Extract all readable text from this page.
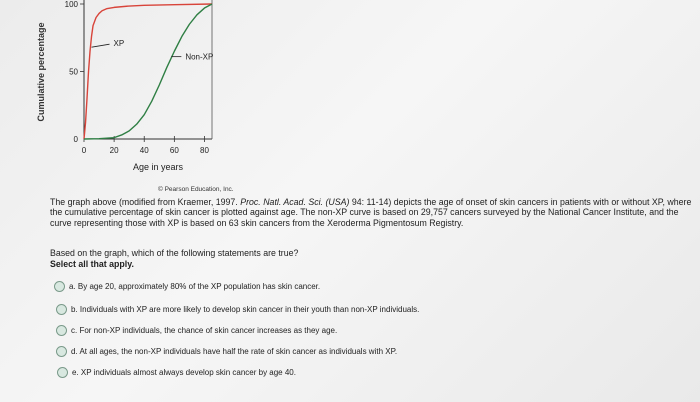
Cumulative percentage
0	20	40	60	80
0
50
100
XP
Non-XP
Age in years
© Pearson Education, Inc.
The graph above (modified from Kraemer, 1997. Proc. Natl. Acad. Sci. (USA) 94: 11-14) depicts the age of onset of skin cancers in patients with or without XP, where the cumulative percentage of skin cancer is plotted against age. The non-XP curve is based on 29,757 cancers surveyed by the National Cancer Institute, and the curve representing those with XP is based on 63 skin cancers from the Xeroderma Pigmentosum Registry.
Based on the graph, which of the following statements are true?
Select all that apply.
a. By age 20, approximately 80% of the XP population has skin cancer.
b. Individuals with XP are more likely to develop skin cancer in their youth than non-XP individuals.
c. For non-XP individuals, the chance of skin cancer increases as they age.
d. At all ages, the non-XP individuals have half the rate of skin cancer as individuals with XP.
e. XP individuals almost always develop skin cancer by age 40.
